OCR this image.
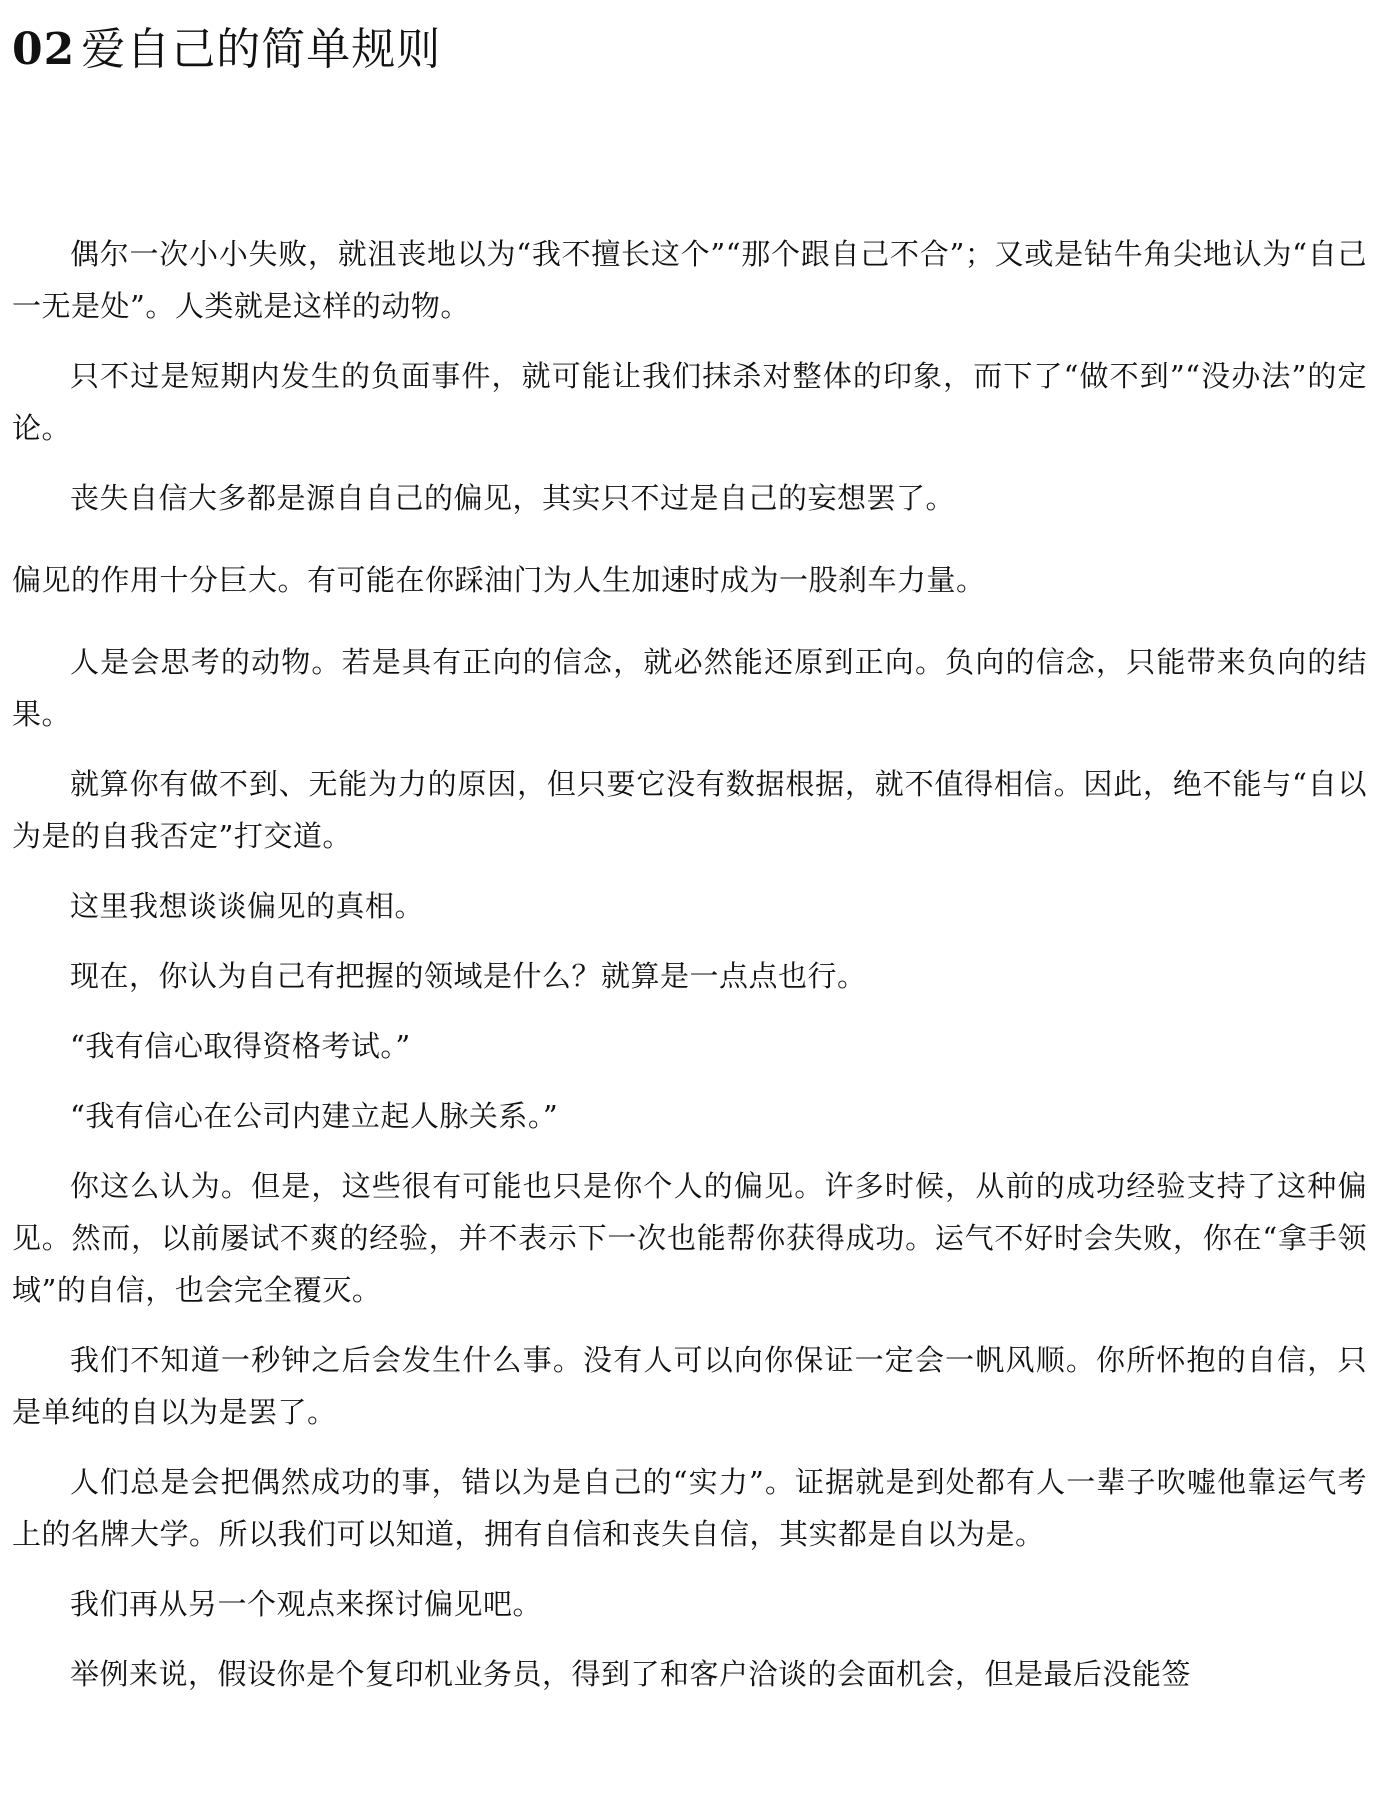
02 爱自己的简单规则

偶尔一次小小失败，就沮丧地以为“我不擅长这个”“那个跟自己不合”；又或是钻牛角尖地认为“自己一无是处”。人类就是这样的动物。

只不过是短期内发生的负面事件，就可能让我们抹杀对整体的印象，而下了“做不到”“没办法”的定论。

丧失自信大多都是源自自己的偏见，其实只不过是自己的妄想罢了。

偏见的作用十分巨大。有可能在你踩油门为人生加速时成为一股刹车力量。

人是会思考的动物。若是具有正向的信念，就必然能还原到正向。负向的信念，只能带来负向的结果。

就算你有做不到、无能为力的原因，但只要它没有数据根据，就不值得相信。因此，绝不能与“自以为是的自我否定”打交道。

这里我想谈谈偏见的真相。

现在，你认为自己有把握的领域是什么？就算是一点点也行。

“我有信心取得资格考试。”

“我有信心在公司内建立起人脉关系。”

你这么认为。但是，这些很有可能也只是你个人的偏见。许多时候，从前的成功经验支持了这种偏见。然而，以前屡试不爽的经验，并不表示下一次也能帮你获得成功。运气不好时会失败，你在“拿手领域”的自信，也会完全覆灭。

我们不知道一秒钟之后会发生什么事。没有人可以向你保证一定会一帆风顺。你所怀抱的自信，只是单纯的自以为是罢了。

人们总是会把偶然成功的事，错以为是自己的“实力”。证据就是到处都有人一辈子吹嘘他靠运气考上的名牌大学。所以我们可以知道，拥有自信和丧失自信，其实都是自以为是。

我们再从另一个观点来探讨偏见吧。

举例来说，假设你是个复印机业务员，得到了和客户洽谈的会面机会，但是最后没能签
